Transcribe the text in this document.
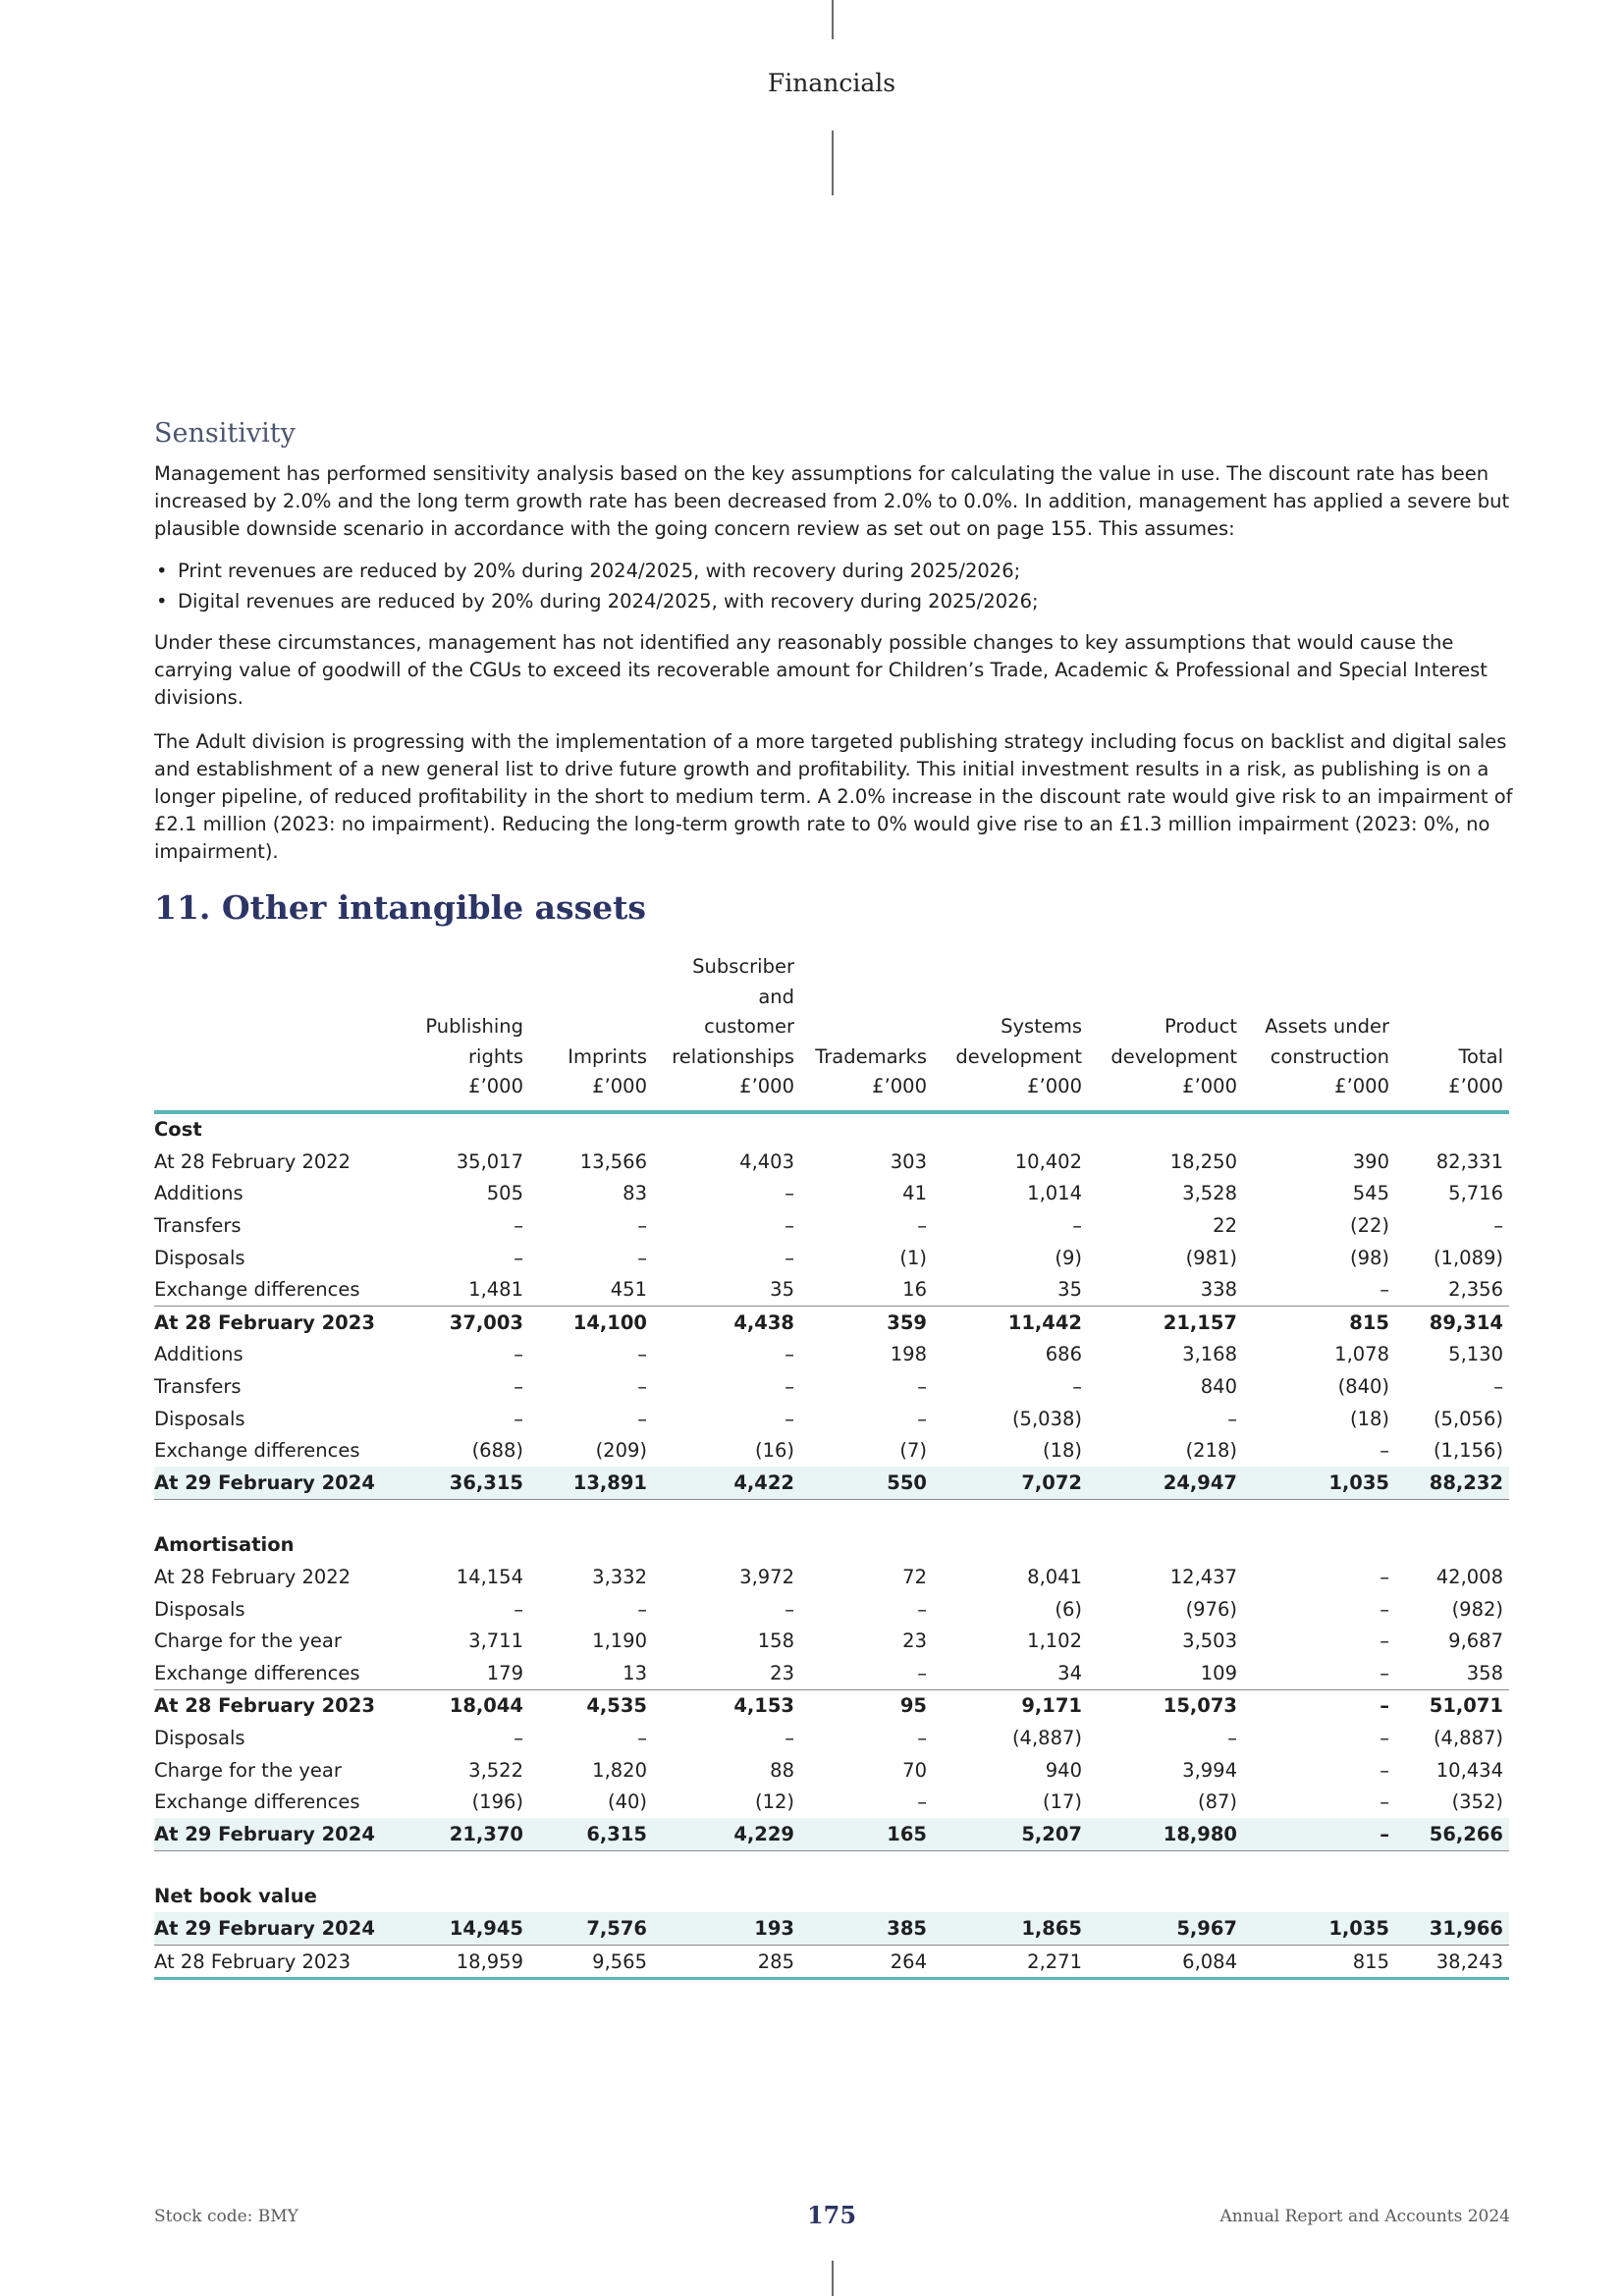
Financials
Sensitivity

Management has performed sensitivity analysis based on the key assumptions for calculating the value in use. The discount rate has been increased by 2.0% and the long term growth rate has been decreased from 2.0% to 0.0%. In addition, management has applied a severe but plausible downside scenario in accordance with the going concern review as set out on page 155. This assumes:

• Print revenues are reduced by 20% during 2024/2025, with recovery during 2025/2026;
• Digital revenues are reduced by 20% during 2024/2025, with recovery during 2025/2026;

Under these circumstances, management has not identified any reasonably possible changes to key assumptions that would cause the carrying value of goodwill of the CGUs to exceed its recoverable amount for Children’s Trade, Academic & Professional and Special Interest divisions.

The Adult division is progressing with the implementation of a more targeted publishing strategy including focus on backlist and digital sales and establishment of a new general list to drive future growth and profitability. This initial investment results in a risk, as publishing is on a longer pipeline, of reduced profitability in the short to medium term. A 2.0% increase in the discount rate would give risk to an impairment of £2.1 million (2023: no impairment). Reducing the long-term growth rate to 0% would give rise to an £1.3 million impairment (2023: 0%, no impairment).

11. Other intangible assets
	Publishing
rights
£’000	Imprints
£’000	Subscriber
and
customer
relationships
£’000	Trademarks
£’000	Systems
development
£’000	Product
development
£’000	Assets under
construction
£’000	Total
£’000
Cost								
At 28 February 2022	35,017	13,566	4,403	303	10,402	18,250	390	82,331
Additions	505	83	–	41	1,014	3,528	545	5,716
Transfers	–	–	–	–	–	22	(22)	–
Disposals	–	–	–	(1)	(9)	(981)	(98)	(1,089)
Exchange differences	1,481	451	35	16	35	338	–	2,356
At 28 February 2023	37,003	14,100	4,438	359	11,442	21,157	815	89,314
Additions	–	–	–	198	686	3,168	1,078	5,130
Transfers	–	–	–	–	–	840	(840)	–
Disposals	–	–	–	–	(5,038)	–	(18)	(5,056)
Exchange differences	(688)	(209)	(16)	(7)	(18)	(218)	–	(1,156)
At 29 February 2024	36,315	13,891	4,422	550	7,072	24,947	1,035	88,232

Amortisation								
At 28 February 2022	14,154	3,332	3,972	72	8,041	12,437	–	42,008
Disposals	–	–	–	–	(6)	(976)	–	(982)
Charge for the year	3,711	1,190	158	23	1,102	3,503	–	9,687
Exchange differences	179	13	23	–	34	109	–	358
At 28 February 2023	18,044	4,535	4,153	95	9,171	15,073	–	51,071
Disposals	–	–	–	–	(4,887)	–	–	(4,887)
Charge for the year	3,522	1,820	88	70	940	3,994	–	10,434
Exchange differences	(196)	(40)	(12)	–	(17)	(87)	–	(352)
At 29 February 2024	21,370	6,315	4,229	165	5,207	18,980	–	56,266

Net book value								
At 29 February 2024	14,945	7,576	193	385	1,865	5,967	1,035	31,966
At 28 February 2023	18,959	9,565	285	264	2,271	6,084	815	38,243

Stock code: BMY	175	Annual Report and Accounts 2024
